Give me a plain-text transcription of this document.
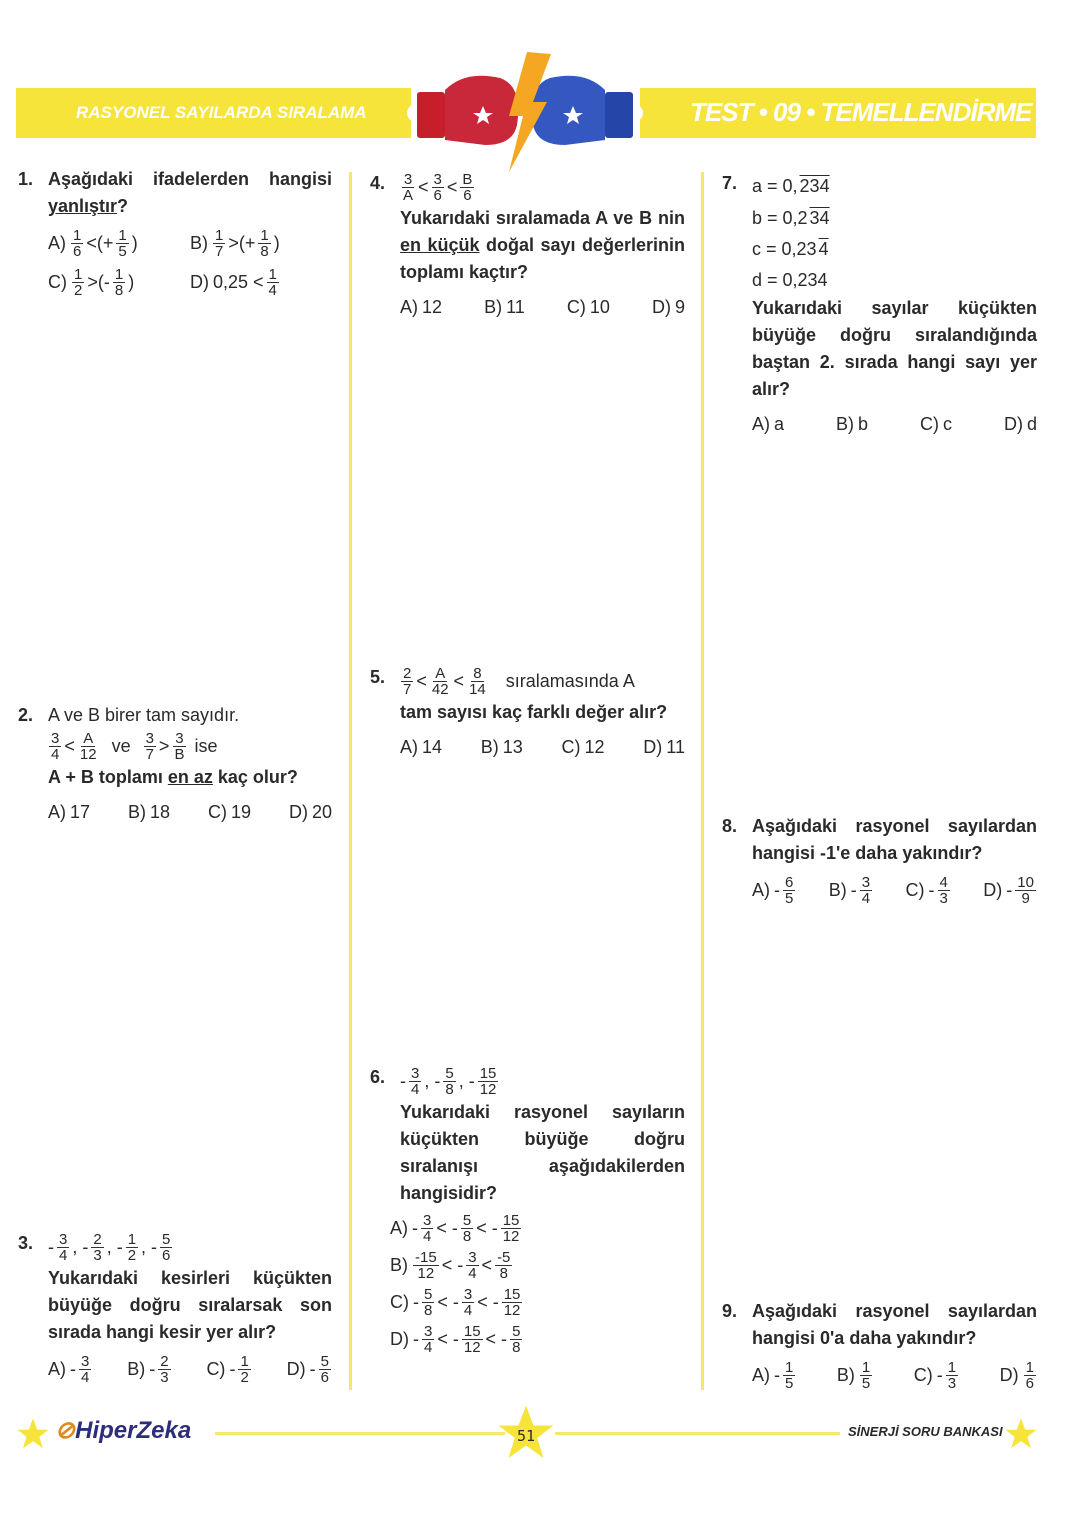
RASYONEL SAYILARDA SIRALAMA	TEST • 09 • TEMELLENDİRME
1. Aşağıdaki ifadelerden hangisi yanlıştır?
$A) \frac{1}{6}$ <(+ $\frac{1}{5}$ )	$B) \frac{1}{7}$ >(+ $\frac{1}{8}$ )
$C) \frac{1}{2}$ >(- $\frac{1}{8}$ )	D) $0,25 < \frac{1}{4}$
2. A ve B birer tam sayıdır.
$\frac{3}{4} < \frac{A}{12}$ ve $\frac{3}{7} > \frac{3}{B}$ ise
A + B toplamı en az kaç olur?
A) 17 B) 18 C) 19 D) 20
3. - $\frac{3}{4}$ , - $\frac{2}{3}$ , - $\frac{1}{2}$ , - $\frac{5}{6}$
Yukarıdaki kesirleri küçükten büyüğe doğru sıralarsak son sırada hangi kesir yer alır?
$A) - \frac{3}{4} B) - \frac{2}{3} C) - \frac{1}{2} D) - \frac{5}{6}$
4. $\frac{3}{A} < \frac{3}{6} < \frac{B}{6}$
Yukarıdaki sıralamada A ve B nin en küçük doğal sayı değerlerinin toplamı kaçtır?
A) 12 B) 11 C) 10 D) 9
5. $\frac{2}{7} < \frac{A}{42} < \frac{8}{14}$ sıralamasında A
tam sayısı kaç farklı değer alır?
A) 14 B) 13 C) 12 D) 11
6. - $\frac{3}{4}$ , - $\frac{5}{8}$ , - $\frac{15}{12}$
Yukarıdaki rasyonel sayıların küçükten büyüğe doğru sıralanışı aşağıdakilerden hangisidir?
$A) - \frac{3}{4}$ < - $\frac{5}{8}$ < - $\frac{15}{12}$
$B) \frac{-15}{12}$ < - $\frac{3}{4} < \frac{-5}{8}$
$C) - \frac{5}{8}$ < - $\frac{3}{4}$ < - $\frac{15}{12}$
$D) - \frac{3}{4}$ < - $\frac{15}{12}$ < - $\frac{5}{8}$
7. a = 0, 234
b = 0,2 34
c = 0,23 4
d = 0,234
Yukarıdaki sayılar küçükten büyüğe doğru sıralandığında baştan 2. sırada hangi sayı yer alır?
A) a	B) b	C) c	D) d
8. Aşağıdaki rasyonel sayılardan hangisi -1'e daha yakındır?
$A) - \frac{6}{5} B) - \frac{3}{4} C) - \frac{4}{3} D) - \frac{10}{9}$
9. Aşağıdaki rasyonel sayılardan hangisi 0'a daha yakındır?
$A) - \frac{1}{5} B) \frac{1}{5} C) - \frac{1}{3} D) \frac{1}{6}$
51
⊘HiperZeka	SİNERJİ SORU BANKASI
